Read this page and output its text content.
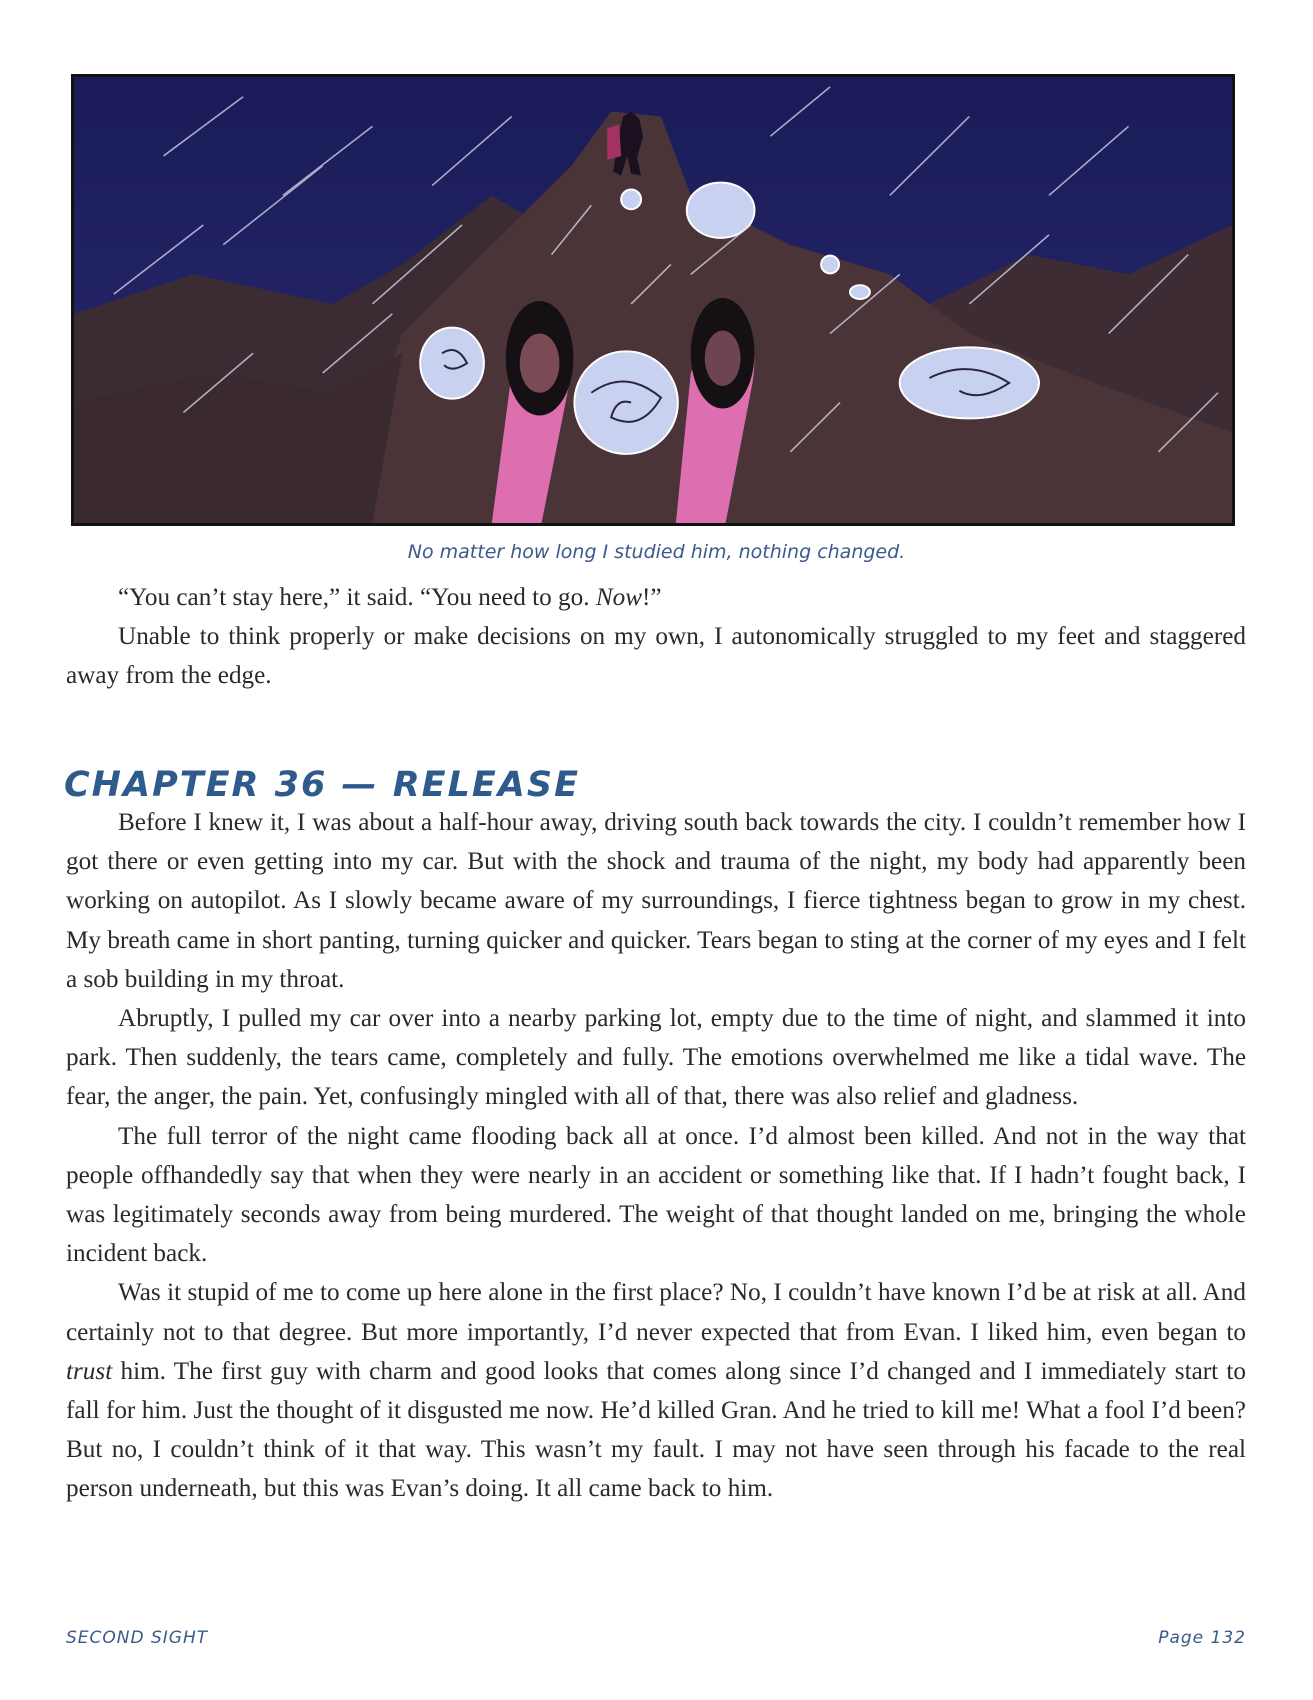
No matter how long I studied him, nothing changed.

“You can’t stay here,” it said. “You need to go. Now!”

Unable to think properly or make decisions on my own, I autonomically struggled to my feet and staggered away from the edge.

CHAPTER 36 — RELEASE

Before I knew it, I was about a half-hour away, driving south back towards the city. I couldn’t remember how I got there or even getting into my car. But with the shock and trauma of the night, my body had apparently been working on autopilot. As I slowly became aware of my surroundings, I fierce tightness began to grow in my chest. My breath came in short panting, turning quicker and quicker. Tears began to sting at the corner of my eyes and I felt a sob building in my throat.

Abruptly, I pulled my car over into a nearby parking lot, empty due to the time of night, and slammed it into park. Then suddenly, the tears came, completely and fully. The emotions overwhelmed me like a tidal wave. The fear, the anger, the pain. Yet, confusingly mingled with all of that, there was also relief and gladness.

The full terror of the night came flooding back all at once. I’d almost been killed. And not in the way that people offhandedly say that when they were nearly in an accident or something like that. If I hadn’t fought back, I was legitimately seconds away from being murdered. The weight of that thought landed on me, bringing the whole incident back.

Was it stupid of me to come up here alone in the first place? No, I couldn’t have known I’d be at risk at all. And certainly not to that degree. But more importantly, I’d never expected that from Evan. I liked him, even began to trust him. The first guy with charm and good looks that comes along since I’d changed and I immediately start to fall for him. Just the thought of it disgusted me now. He’d killed Gran. And he tried to kill me! What a fool I’d been? But no, I couldn’t think of it that way. This wasn’t my fault. I may not have seen through his facade to the real person underneath, but this was Evan’s doing. It all came back to him.

SECOND SIGHT	Page 132
